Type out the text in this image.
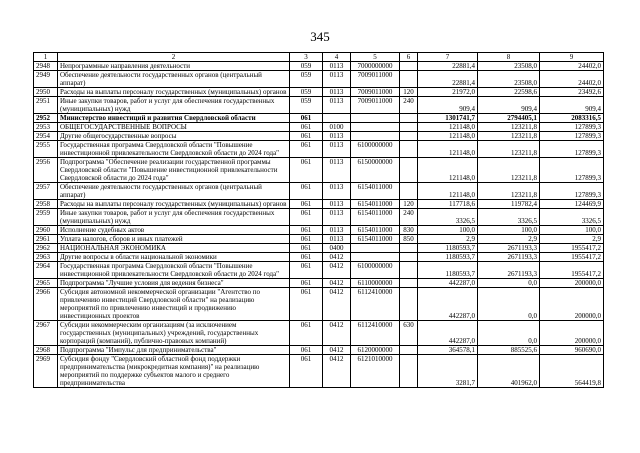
345
1	2	3	4	5	6	7	8	9
2948	Непрограммные направления деятельности	059	0113	7000000000		22881,4	23508,0	24402,0
2949	Обеспечение деятельности государственных органов (центральный аппарат)	059	0113	7009011000		22881,4	23508,0	24402,0
2950	Расходы на выплаты персоналу государственных (муниципальных) органов	059	0113	7009011000	120	21972,0	22598,6	23492,6
2951	Иные закупки товаров, работ и услуг для обеспечения государственных (муниципальных) нужд	059	0113	7009011000	240	909,4	909,4	909,4
2952	Министерство инвестиций и развития Свердловской области	061				1301741,7	2794405,1	2083316,5
2953	ОБЩЕГОСУДАРСТВЕННЫЕ ВОПРОСЫ	061	0100			121148,0	123211,8	127899,3
2954	Другие общегосударственные вопросы	061	0113			121148,0	123211,8	127899,3
2955	Государственная программа Свердловской области "Повышение инвестиционной привлекательности Свердловской области до 2024 года"	061	0113	6100000000		121148,0	123211,8	127899,3
2956	Подпрограмма "Обеспечение реализации государственной программы Свердловской области "Повышение инвестиционной привлекательности Свердловской области до 2024 года"	061	0113	6150000000		121148,0	123211,8	127899,3
2957	Обеспечение деятельности государственных органов (центральный аппарат)	061	0113	6154011000		121148,0	123211,8	127899,3
2958	Расходы на выплаты персоналу государственных (муниципальных) органов	061	0113	6154011000	120	117718,6	119782,4	124469,9
2959	Иные закупки товаров, работ и услуг для обеспечения государственных (муниципальных) нужд	061	0113	6154011000	240	3326,5	3326,5	3326,5
2960	Исполнение судебных актов	061	0113	6154011000	830	100,0	100,0	100,0
2961	Уплата налогов, сборов и иных платежей	061	0113	6154011000	850	2,9	2,9	2,9
2962	НАЦИОНАЛЬНАЯ ЭКОНОМИКА	061	0400			1180593,7	2671193,3	1955417,2
2963	Другие вопросы в области национальной экономики	061	0412			1180593,7	2671193,3	1955417,2
2964	Государственная программа Свердловской области "Повышение инвестиционной привлекательности Свердловской области до 2024 года"	061	0412	6100000000		1180593,7	2671193,3	1955417,2
2965	Подпрограмма "Лучшие условия для ведения бизнеса"	061	0412	6110000000		442287,0	0,0	200000,0
2966	Субсидия автономной некоммерческой организации "Агентство по привлечению инвестиций Свердловской области" на реализацию мероприятий по привлечению инвестиций и продвижению инвестиционных проектов	061	0412	6112410000		442287,0	0,0	200000,0
2967	Субсидии некоммерческим организациям (за исключением государственных (муниципальных) учреждений, государственных корпораций (компаний), публично-правовых компаний)	061	0412	6112410000	630	442287,0	0,0	200000,0
2968	Подпрограмма "Импульс для предпринимательства"	061	0412	6120000000		364578,1	885525,6	960690,0
2969	Субсидия фонду "Свердловский областной фонд поддержки предпринимательства (микрокредитная компания)" на реализацию мероприятий по поддержке субъектов малого и среднего предпринимательства	061	0412	6121010000		3281,7	401962,0	564419,8
